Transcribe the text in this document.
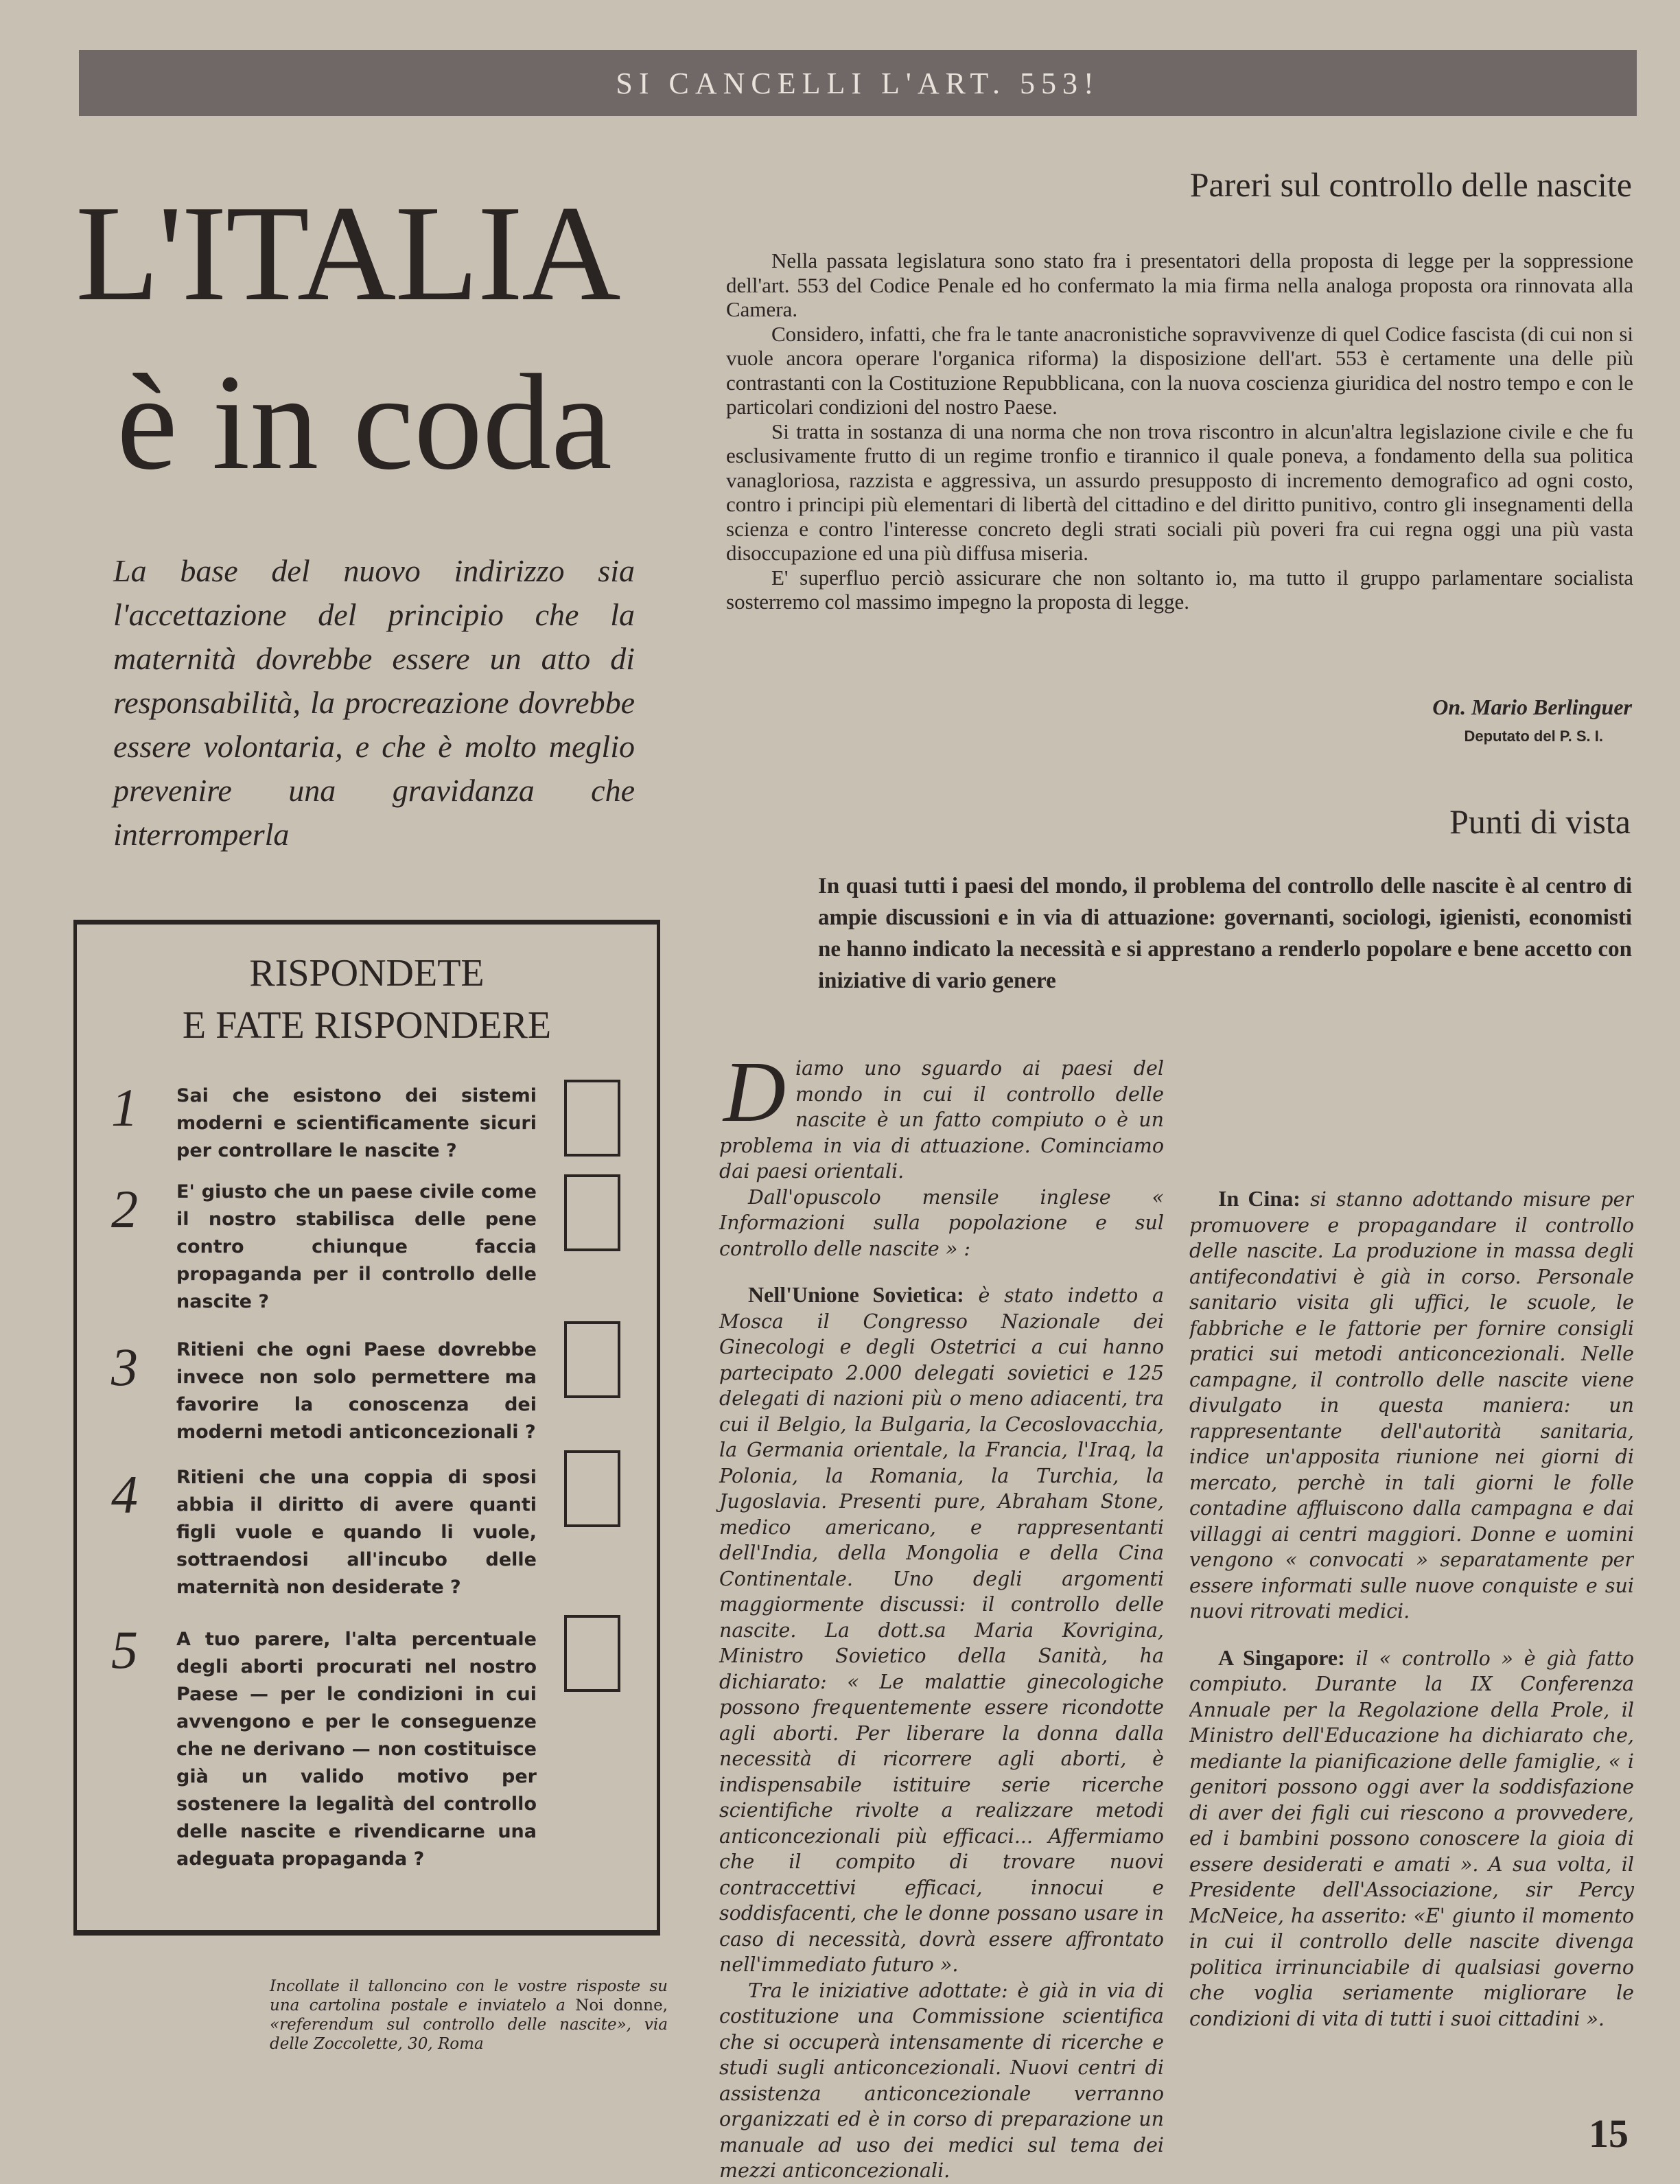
SI CANCELLI L'ART. 553!
Pareri sul controllo delle nascite
L'ITALIA
è in coda
La base del nuovo indirizzo sia l'accettazione del principio che la maternità dovrebbe essere un atto di responsabilità, la procreazione dovrebbe essere volontaria, e che è molto meglio prevenire una gravidanza che interromperla

Nella passata legislatura sono stato fra i presentatori della proposta di legge per la soppressione dell'art. 553 del Codice Penale ed ho confermato la mia firma nella analoga proposta ora rinnovata alla Camera.

Considero, infatti, che fra le tante anacronistiche sopravvivenze di quel Codice fascista (di cui non si vuole ancora operare l'organica riforma) la disposizione dell'art. 553 è certamente una delle più contrastanti con la Costituzione Repubblicana, con la nuova coscienza giuridica del nostro tempo e con le particolari condizioni del nostro Paese.

Si tratta in sostanza di una norma che non trova riscontro in alcun'altra legislazione civile e che fu esclusivamente frutto di un regime tronfio e tirannico il quale poneva, a fondamento della sua politica vanagloriosa, razzista e aggressiva, un assurdo presupposto di incremento demografico ad ogni costo, contro i principi più elementari di libertà del cittadino e del diritto punitivo, contro gli insegnamenti della scienza e contro l'interesse concreto degli strati sociali più poveri fra cui regna oggi una più vasta disoccupazione ed una più diffusa miseria.

E' superfluo perciò assicurare che non soltanto io, ma tutto il gruppo parlamentare socialista sosterremo col massimo impegno la proposta di legge.

On. Mario Berlinguer
Deputato del P. S. I.
Punti di vista
In quasi tutti i paesi del mondo, il problema del controllo delle nascite è al centro di ampie discussioni e in via di attuazione: governanti, sociologi, igienisti, economisti ne hanno indicato la necessità e si apprestano a renderlo popolare e bene accetto con iniziative di vario genere
RISPONDETE
E FATE RISPONDERE
1 Sai che esistono dei sistemi moderni e scientificamente sicuri per controllare le nascite ?
2 E' giusto che un paese civile come il nostro stabilisca delle pene contro chiunque faccia propaganda per il controllo delle nascite ?
3 Ritieni che ogni Paese dovrebbe invece non solo permettere ma favorire la conoscenza dei moderni metodi anticoncezionali ?
4 Ritieni che una coppia di sposi abbia il diritto di avere quanti figli vuole e quando li vuole, sottraendosi all'incubo delle maternità non desiderate ?
5 A tuo parere, l'alta percentuale degli aborti procurati nel nostro Paese — per le condizioni in cui avvengono e per le conseguenze che ne derivano — non costituisce già un valido motivo per sostenere la legalità del controllo delle nascite e rivendicarne una adeguata propaganda ?
Incollate il talloncino con le vostre risposte su una cartolina postale e inviatelo a Noi donne, «referendum sul controllo delle nascite», via delle Zoccolette, 30, Roma

Diamo uno sguardo ai paesi del mondo in cui il controllo delle nascite è un fatto compiuto o è un problema in via di attuazione. Cominciamo dai paesi orientali.

Dall'opuscolo mensile inglese « Informazioni sulla popolazione e sul controllo delle nascite » :

Nell'Unione Sovietica: è stato indetto a Mosca il Congresso Nazionale dei Ginecologi e degli Ostetrici a cui hanno partecipato 2.000 delegati sovietici e 125 delegati di nazioni più o meno adiacenti, tra cui il Belgio, la Bulgaria, la Cecoslovacchia, la Germania orientale, la Francia, l'Iraq, la Polonia, la Romania, la Turchia, la Jugoslavia. Presenti pure, Abraham Stone, medico americano, e rappresentanti dell'India, della Mongolia e della Cina Continentale. Uno degli argomenti maggiormente discussi: il controllo delle nascite. La dott.sa Maria Kovrigina, Ministro Sovietico della Sanità, ha dichiarato: « Le malattie ginecologiche possono frequentemente essere ricondotte agli aborti. Per liberare la donna dalla necessità di ricorrere agli aborti, è indispensabile istituire serie ricerche scientifiche rivolte a realizzare metodi anticoncezionali più efficaci... Affermiamo che il compito di trovare nuovi contraccettivi efficaci, innocui e soddisfacenti, che le donne possano usare in caso di necessità, dovrà essere affrontato nell'immediato futuro ».

Tra le iniziative adottate: è già in via di costituzione una Commissione scientifica che si occuperà intensamente di ricerche e studi sugli anticoncezionali. Nuovi centri di assistenza anticoncezionale verranno organizzati ed è in corso di preparazione un manuale ad uso dei medici sul tema dei mezzi anticoncezionali.

In Cina: si stanno adottando misure per promuovere e propagandare il controllo delle nascite. La produzione in massa degli antifecondativi è già in corso. Personale sanitario visita gli uffici, le scuole, le fabbriche e le fattorie per fornire consigli pratici sui metodi anticoncezionali. Nelle campagne, il controllo delle nascite viene divulgato in questa maniera: un rappresentante dell'autorità sanitaria, indice un'apposita riunione nei giorni di mercato, perchè in tali giorni le folle contadine affluiscono dalla campagna e dai villaggi ai centri maggiori. Donne e uomini vengono « convocati » separatamente per essere informati sulle nuove conquiste e sui nuovi ritrovati medici.

A Singapore: il « controllo » è già fatto compiuto. Durante la IX Conferenza Annuale per la Regolazione della Prole, il Ministro dell'Educazione ha dichiarato che, mediante la pianificazione delle famiglie, « i genitori possono oggi aver la soddisfazione di aver dei figli cui riescono a provvedere, ed i bambini possono conoscere la gioia di essere desiderati e amati ». A sua volta, il Presidente dell'Associazione, sir Percy McNeice, ha asserito: «E' giunto il momento in cui il controllo delle nascite divenga politica irrinunciabile di qualsiasi governo che voglia seriamente migliorare le condizioni di vita di tutti i suoi cittadini ».

15
